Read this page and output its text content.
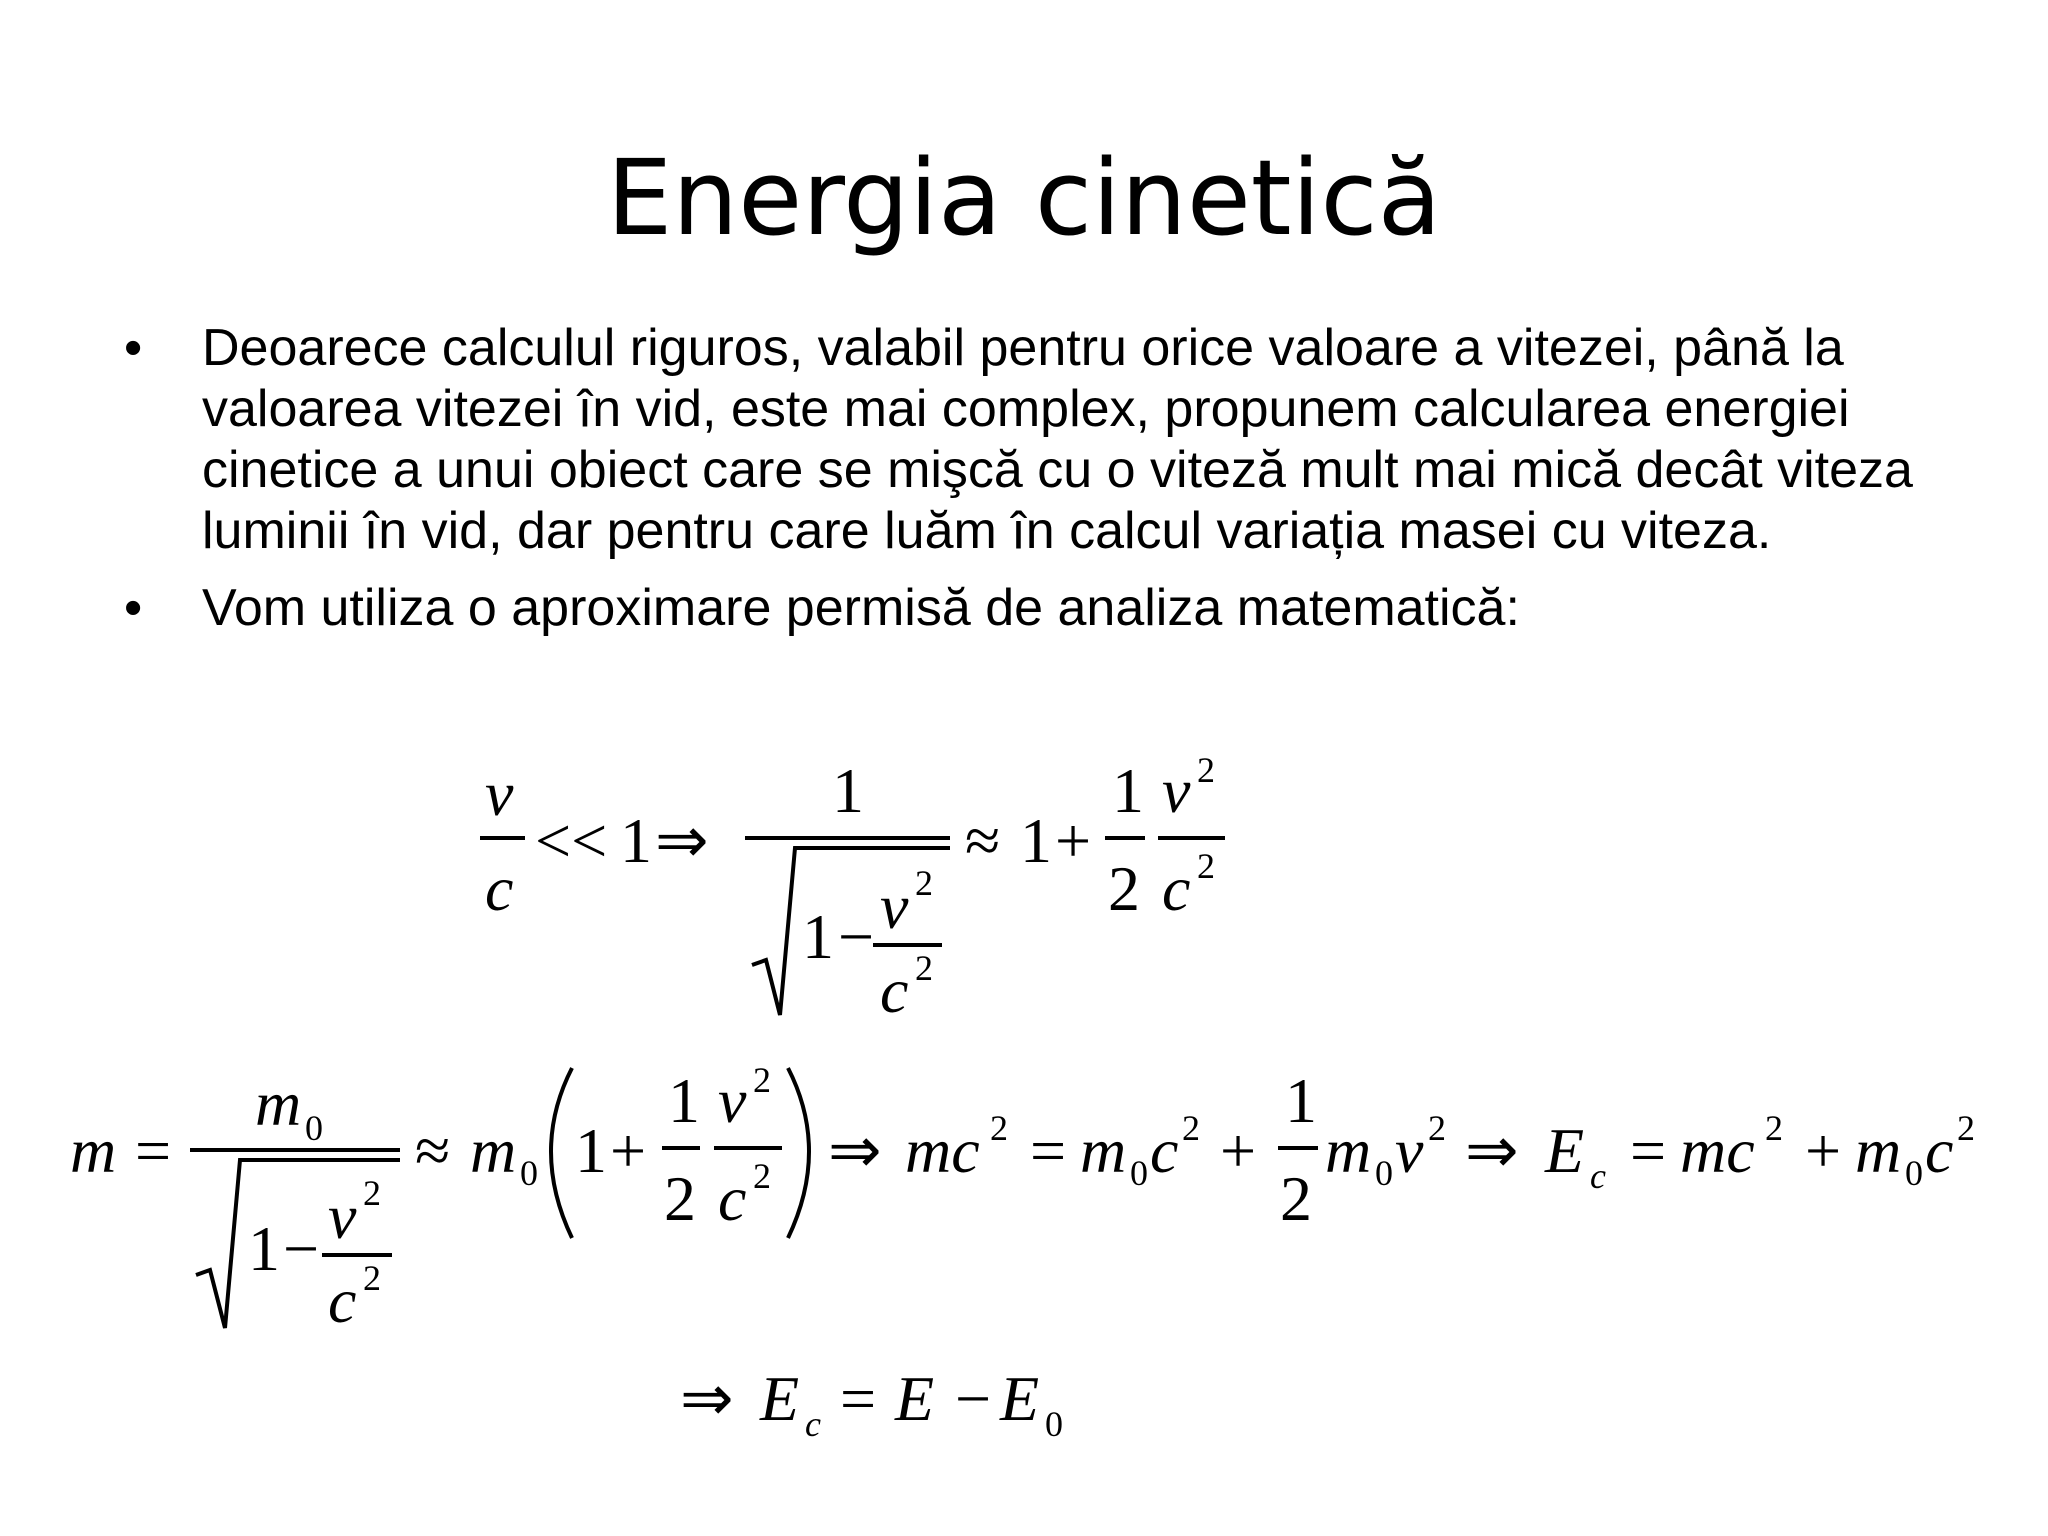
Energia cinetică
• Deoarece calculul riguros, valabil pentru orice valoare a vitezei, până la valoarea vitezei în vid, este mai complex, propunem calcularea energiei cinetice a unui obiect care se mişcă cu o viteză mult mai mică decât viteza luminii în vid, dar pentru care luăm în calcul variația masei cu viteza.
• Vom utiliza o aproximare permisă de analiza matematică:
v
c
<< 1 ⇒
1
1 − v 2
c 2
≈ 1 +
1
2
v 2
c 2
m =
m 0
1 − v 2
c 2
≈ m 0 1 +
1
2
v 2
c 2 ⇒ mc 2 = m 0 c 2 +
1
2
m 0 v 2 ⇒ E c = mc 2 + m 0 c 2
⇒ E c = E − E 0
